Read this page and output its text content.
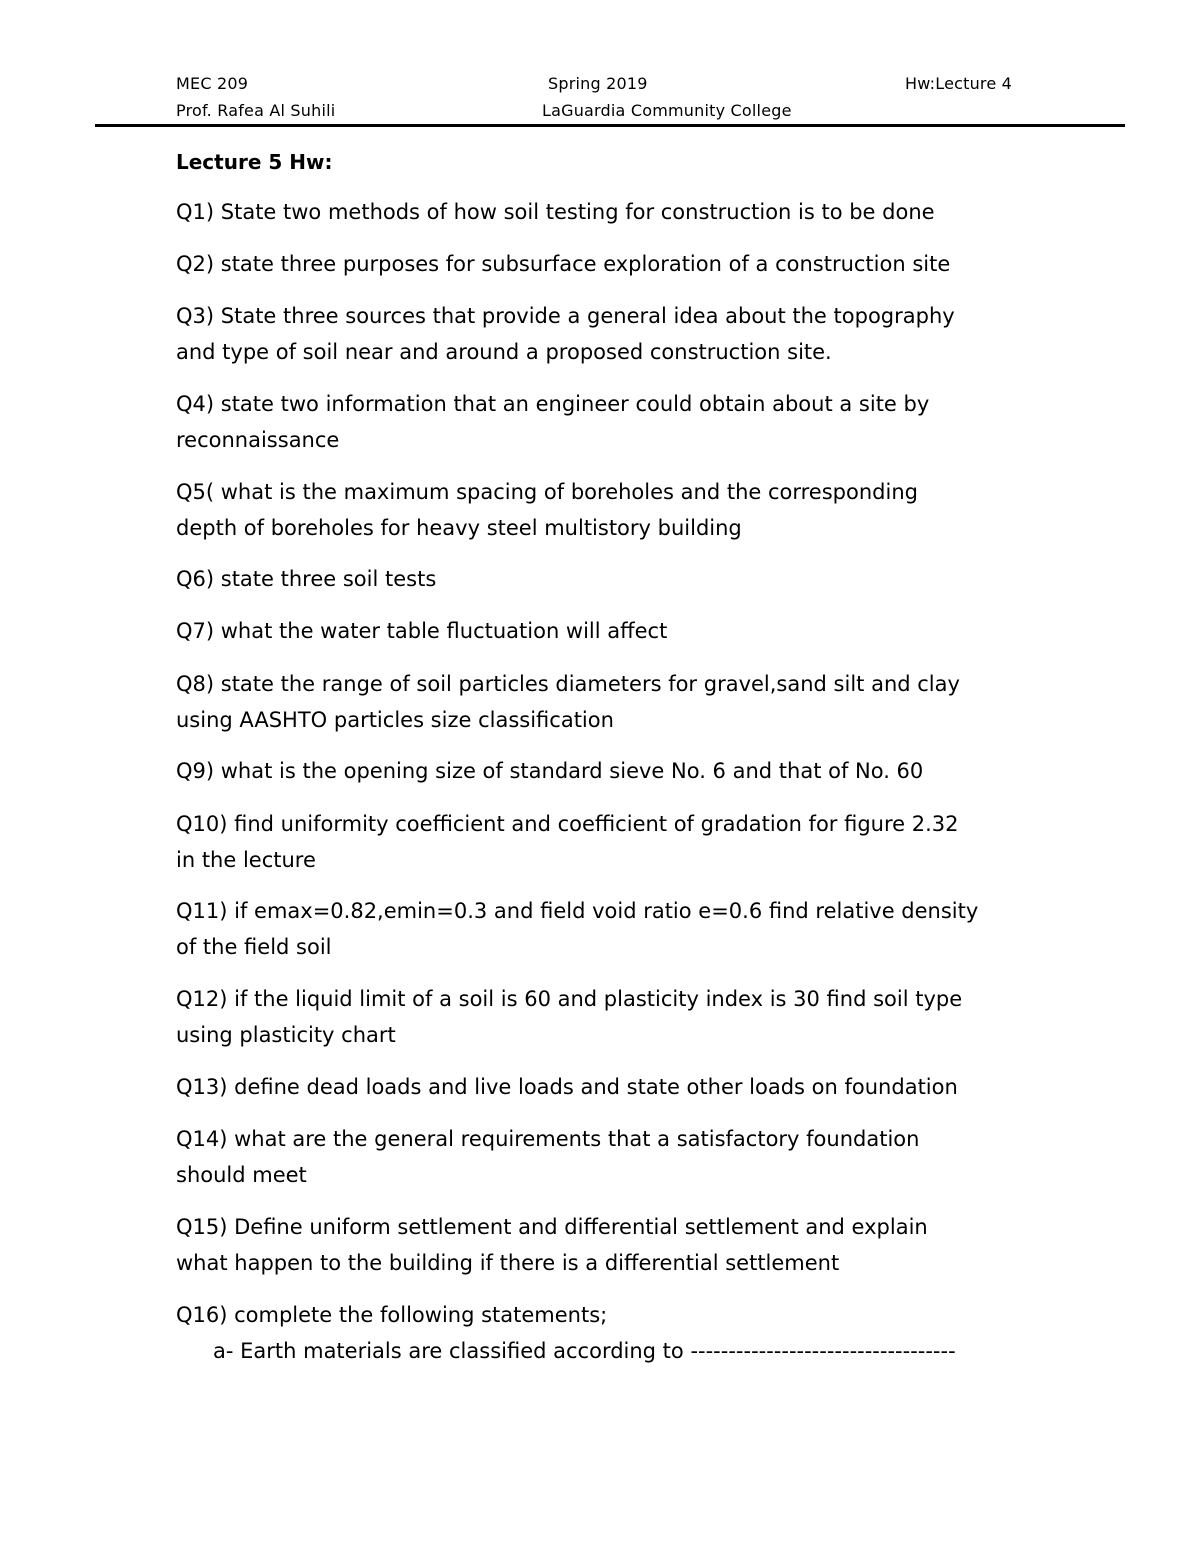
MEC 209
Prof. Rafea Al Suhili
Spring 2019
LaGuardia Community College
Hw:Lecture 4
Lecture 5 Hw:
Q1) State two methods of how soil testing for construction is to be done
Q2) state three purposes for subsurface exploration of a construction site
Q3) State three sources that provide a general idea about the topography
and type of soil near and around a proposed construction site.
Q4) state two information that an engineer could obtain about a site by
reconnaissance
Q5( what is the maximum spacing of boreholes and the corresponding
depth of boreholes for heavy steel multistory building
Q6) state three soil tests
Q7) what the water table fluctuation will affect
Q8) state the range of soil particles diameters for gravel,sand silt and clay
using AASHTO particles size classification
Q9) what is the opening size of standard sieve No. 6 and that of No. 60
Q10) find uniformity coefficient and coefficient of gradation for figure 2.32
in the lecture
Q11) if emax=0.82,emin=0.3 and field void ratio e=0.6 find relative density
of the field soil
Q12) if the liquid limit of a soil is 60 and plasticity index is 30 find soil type
using plasticity chart
Q13) define dead loads and live loads and state other loads on foundation
Q14) what are the general requirements that a satisfactory foundation
should meet
Q15) Define uniform settlement and differential settlement and explain
what happen to the building if there is a differential settlement
Q16) complete the following statements;
a- Earth materials are classified according to -----------------------------------
